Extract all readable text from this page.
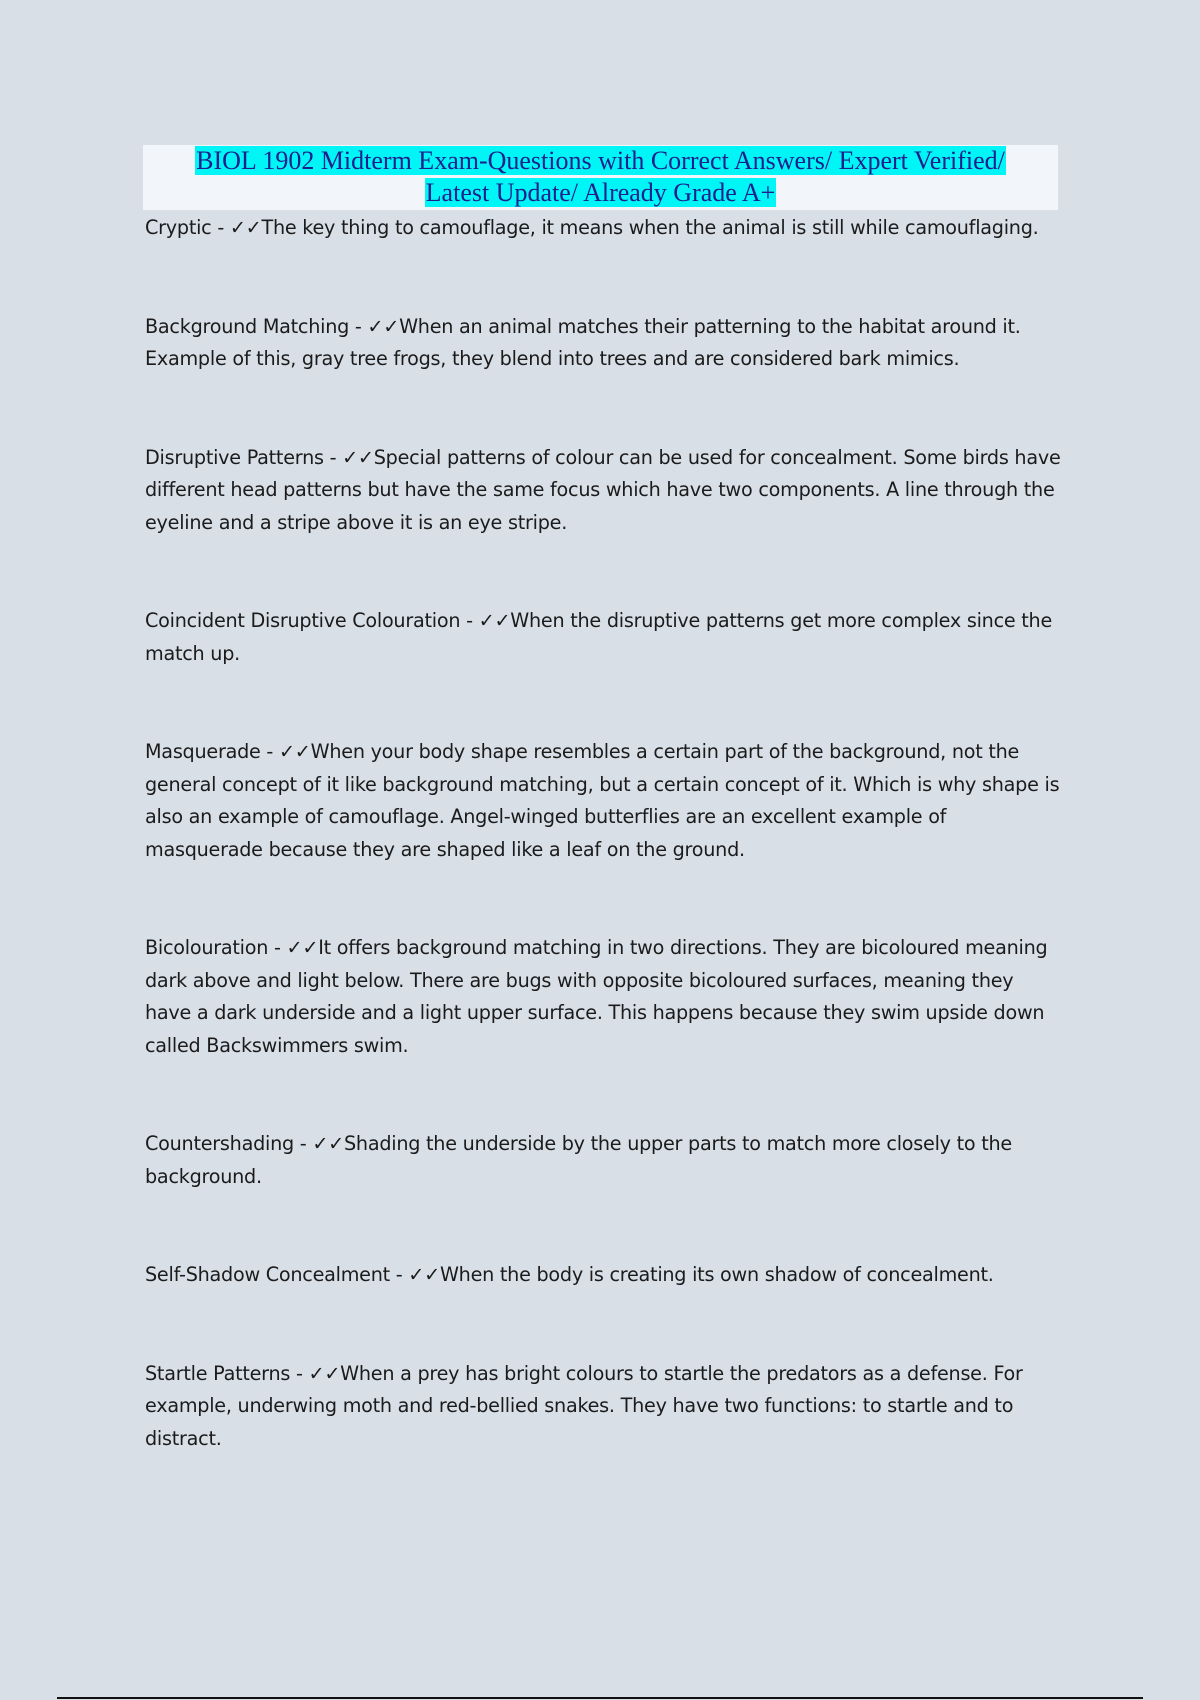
BIOL 1902 Midterm Exam-Questions with Correct Answers/ Expert Verified/
Latest Update/ Already Grade A+

Cryptic - ✓✓The key thing to camouflage, it means when the animal is still while camouflaging.

Background Matching - ✓✓When an animal matches their patterning to the habitat around it. Example of this, gray tree frogs, they blend into trees and are considered bark mimics.

Disruptive Patterns - ✓✓Special patterns of colour can be used for concealment. Some birds have different head patterns but have the same focus which have two components. A line through the eyeline and a stripe above it is an eye stripe.

Coincident Disruptive Colouration - ✓✓When the disruptive patterns get more complex since the match up.

Masquerade - ✓✓When your body shape resembles a certain part of the background, not the general concept of it like background matching, but a certain concept of it. Which is why shape is also an example of camouflage. Angel-winged butterflies are an excellent example of masquerade because they are shaped like a leaf on the ground.

Bicolouration - ✓✓It offers background matching in two directions. They are bicoloured meaning dark above and light below. There are bugs with opposite bicoloured surfaces, meaning they have a dark underside and a light upper surface. This happens because they swim upside down called Backswimmers swim.

Countershading - ✓✓Shading the underside by the upper parts to match more closely to the background.

Self-Shadow Concealment - ✓✓When the body is creating its own shadow of concealment.

Startle Patterns - ✓✓When a prey has bright colours to startle the predators as a defense. For example, underwing moth and red-bellied snakes. They have two functions: to startle and to distract.
